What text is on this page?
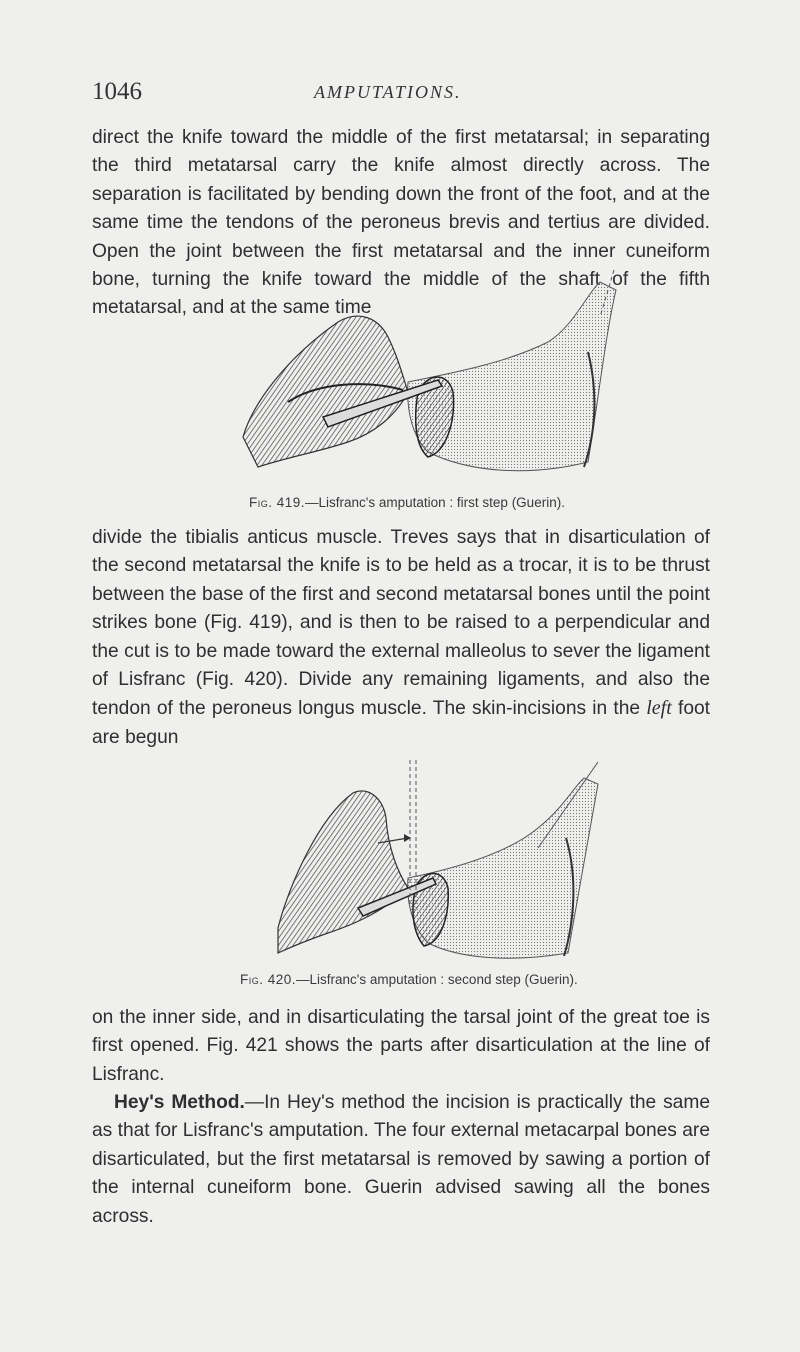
1046	AMPUTATIONS.

direct the knife toward the middle of the first metatarsal; in separating the third metatarsal carry the knife almost directly across. The separation is facilitated by bending down the front of the foot, and at the same time the tendons of the peroneus brevis and tertius are divided. Open the joint between the first metatarsal and the inner cuneiform bone, turning the knife toward the middle of the shaft of the fifth metatarsal, and at the same time

Fig. 419.—Lisfranc's amputation : first step (Guerin).

divide the tibialis anticus muscle. Treves says that in disarticulation of the second metatarsal the knife is to be held as a trocar, it is to be thrust between the base of the first and second metatarsal bones until the point strikes bone (Fig. 419), and is then to be raised to a perpendicular and the cut is to be made toward the external malleolus to sever the ligament of Lisfranc (Fig. 420). Divide any remaining ligaments, and also the tendon of the peroneus longus muscle. The skin-incisions in the left foot are begun

Fig. 420.—Lisfranc's amputation : second step (Guerin).

on the inner side, and in disarticulating the tarsal joint of the great toe is first opened. Fig. 421 shows the parts after disarticulation at the line of Lisfranc.

Hey's Method.—In Hey's method the incision is practically the same as that for Lisfranc's amputation. The four external metacarpal bones are disarticulated, but the first metatarsal is removed by sawing a portion of the internal cuneiform bone. Guerin advised sawing all the bones across.
